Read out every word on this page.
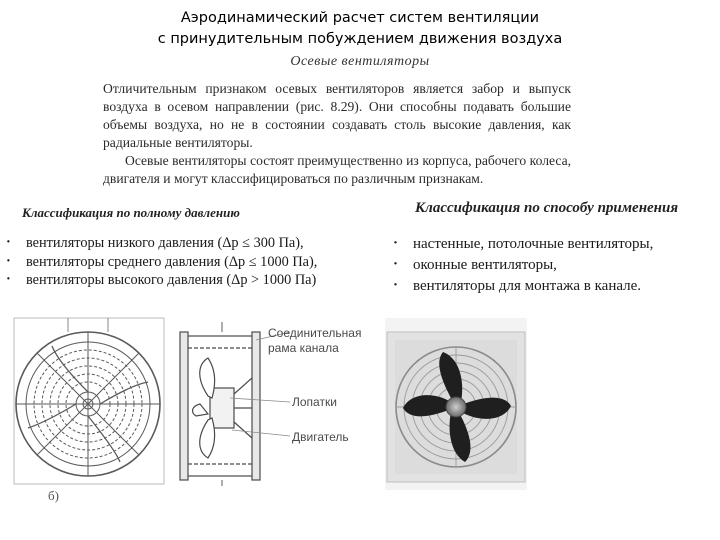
Аэродинамический расчет систем вентиляции
с принудительным побуждением движения воздуха
Осевые вентиляторы

Отличительным признаком осевых вентиляторов является забор и выпуск воздуха в осевом направлении (рис. 8.29). Они способны подавать большие объемы воздуха, но не в состоянии создавать столь высокие давления, как радиальные вентиляторы.

Осевые вентиляторы состоят преимущественно из корпуса, рабочего колеса, двигателя и могут классифицироваться по различным признакам.

Классификация по полному давлению
· вентиляторы низкого давления (Δp ≤ 300 Па),
· вентиляторы среднего давления (Δp ≤ 1000 Па),
· вентиляторы высокого давления (Δp > 1000 Па)
Классификация по способу применения
· настенные, потолочные вентиляторы,
· оконные вентиляторы,
· вентиляторы для монтажа в канале.
б)
Соединительная
рама канала
Лопатки
Двигатель
